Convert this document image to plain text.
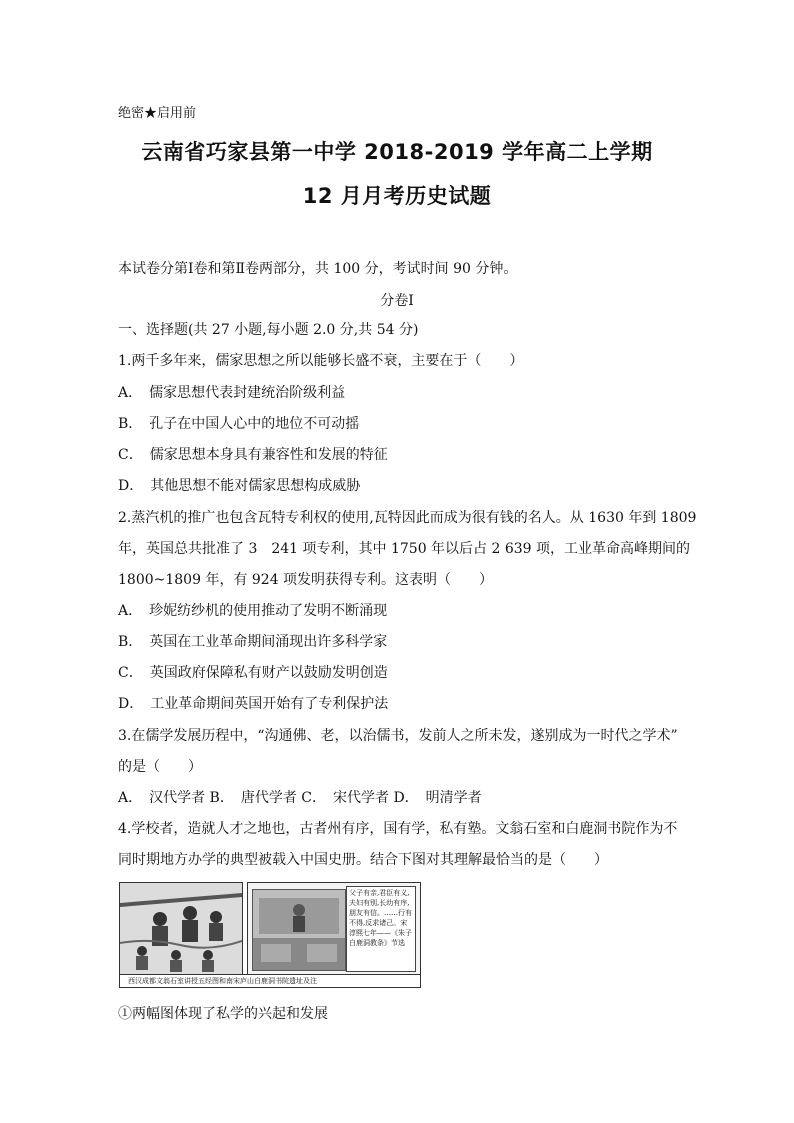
绝密★启用前
云南省巧家县第一中学 2018-2019 学年高二上学期
12 月月考历史试题
本试卷分第Ⅰ卷和第Ⅱ卷两部分，共 100 分，考试时间 90 分钟。
分卷Ⅰ
一、选择题(共 27 小题,每小题 2.0 分,共 54 分)
1.两千多年来，儒家思想之所以能够长盛不衰，主要在于（　　）
A．　儒家思想代表封建统治阶级利益
B．　孔子在中国人心中的地位不可动摇
C．　儒家思想本身具有兼容性和发展的特征
D．　其他思想不能对儒家思想构成威胁
2.蒸汽机的推广也包含瓦特专利权的使用,瓦特因此而成为很有钱的名人。从 1630 年到 1809
年，英国总共批准了 3　241 项专利，其中 1750 年以后占 2 639 项，工业革命高峰期间的
1800~1809 年，有 924 项发明获得专利。这表明（　　）
A．　珍妮纺纱机的使用推动了发明不断涌现
B．　英国在工业革命期间涌现出许多科学家
C．　英国政府保障私有财产以鼓励发明创造
D．　工业革命期间英国开始有了专利保护法
3.在儒学发展历程中，“沟通佛、老，以治儒书，发前人之所未发，遂别成为一时代之学术”
的是（　　）
A．　汉代学者 B．　唐代学者 C．　宋代学者 D．　明清学者
4.学校者，造就人才之地也，古者州有序，国有学，私有塾。文翁石室和白鹿洞书院作为不
同时期地方办学的典型被载入中国史册。结合下图对其理解最恰当的是（　　）
父子有亲,君臣有义,夫妇有别,长幼有序,朋友有信。……行有不得,反求诸己。宋淳熙七年——《朱子白鹿洞教条》节选
西汉成都文翁石室讲授五经图和南宋庐山白鹿洞书院遗址及注
①两幅图体现了私学的兴起和发展
